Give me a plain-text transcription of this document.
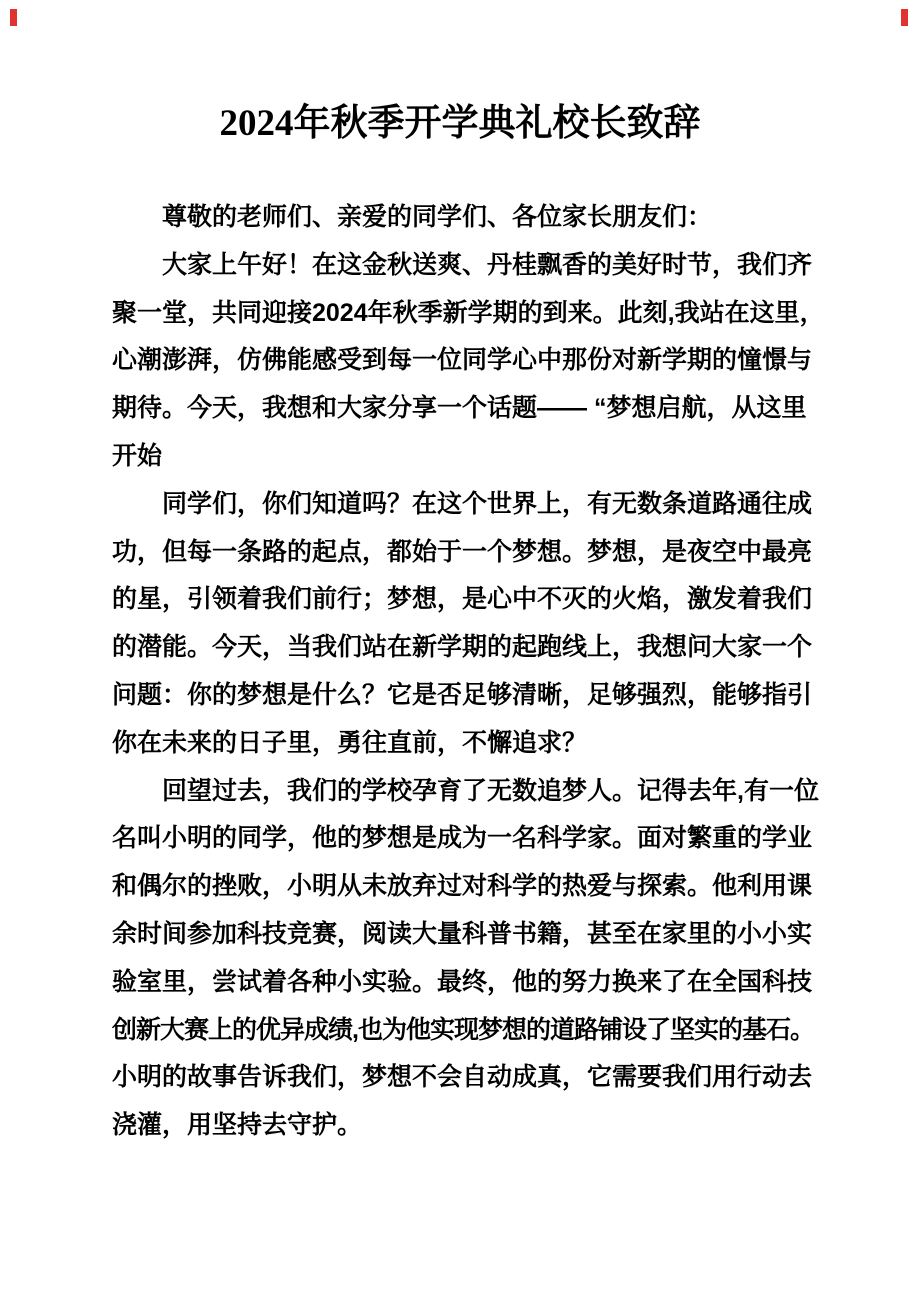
2024年秋季开学典礼校长致辞
尊敬的老师们、亲爱的同学们、各位家长朋友们：
大家上午好！在这金秋送爽、丹桂飘香的美好时节，我们齐
聚一堂，共同迎接2024年秋季新学期的到来。此刻,我站在这里，
心潮澎湃，仿佛能感受到每一位同学心中那份对新学期的憧憬与
期待。今天，我想和大家分享一个话题—— “梦想启航，从这里
开始
同学们，你们知道吗？在这个世界上，有无数条道路通往成
功，但每一条路的起点，都始于一个梦想。梦想，是夜空中最亮
的星，引领着我们前行；梦想，是心中不灭的火焰，激发着我们
的潜能。今天，当我们站在新学期的起跑线上，我想问大家一个
问题：你的梦想是什么？它是否足够清晰，足够强烈，能够指引
你在未来的日子里，勇往直前，不懈追求？
回望过去，我们的学校孕育了无数追梦人。记得去年,有一位
名叫小明的同学，他的梦想是成为一名科学家。面对繁重的学业
和偶尔的挫败，小明从未放弃过对科学的热爱与探索。他利用课
余时间参加科技竞赛，阅读大量科普书籍，甚至在家里的小小实
验室里，尝试着各种小实验。最终，他的努力换来了在全国科技
创新大赛上的优异成绩,也为他实现梦想的道路铺设了坚实的基石。
小明的故事告诉我们，梦想不会自动成真，它需要我们用行动去
浇灌，用坚持去守护。
